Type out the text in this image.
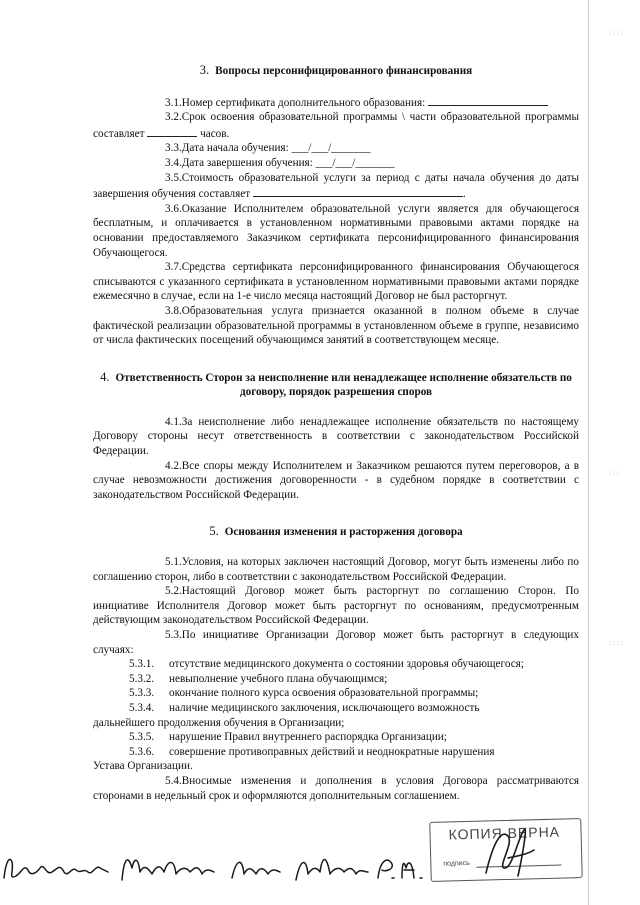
3. Вопросы персонифицированного финансирования

3.1.Номер сертификата дополнительного образования:

3.2.Срок освоения образовательной программы \ части образовательной программы составляет	часов.

3.3.Дата начала обучения: ___/___/_______

3.4.Дата завершения обучения: ___/___/_______

3.5.Стоимость образовательной услуги за период с даты начала обучения до даты завершения обучения составляет	.

3.6.Оказание Исполнителем образовательной услуги является для обучающегося бесплатным, и оплачивается в установленном нормативными правовыми актами порядке на основании предоставляемого Заказчиком сертификата персонифицированного финансирования Обучающегося.

3.7.Средства сертификата персонифицированного финансирования Обучающегося списываются с указанного сертификата в установленном нормативными правовыми актами порядке ежемесячно в случае, если на 1-е число месяца настоящий Договор не был расторгнут.

3.8.Образовательная услуга признается оказанной в полном объеме в случае фактической реализации образовательной программы в установленном объеме в группе, независимо от числа фактических посещений обучающимся занятий в соответствующем месяце.

4. Ответственность Сторон за неисполнение или ненадлежащее исполнение обязательств по договору, порядок разрешения споров

4.1.За неисполнение либо ненадлежащее исполнение обязательств по настоящему Договору стороны несут ответственность в соответствии с законодательством Российской Федерации.

4.2.Все споры между Исполнителем и Заказчиком решаются путем переговоров, а в случае невозможности достижения договоренности - в судебном порядке в соответствии с законодательством Российской Федерации.

5. Основания изменения и расторжения договора

5.1.Условия, на которых заключен настоящий Договор, могут быть изменены либо по соглашению сторон, либо в соответствии с законодательством Российской Федерации.

5.2.Настоящий Договор может быть расторгнут по соглашению Сторон. По инициативе Исполнителя Договор может быть расторгнут по основаниям, предусмотренным действующим законодательством Российской Федерации.

5.3.По инициативе Организации Договор может быть расторгнут в следующих случаях:

5.3.1. отсутствие медицинского документа о состоянии здоровья обучающегося;

5.3.2. невыполнение учебного плана обучающимся;

5.3.3. окончание полного курса освоения образовательной программы;

5.3.4. наличие медицинского заключения, исключающего возможность

дальнейшего продолжения обучения в Организации;

5.3.5. нарушение Правил внутреннего распорядка Организации;

5.3.6. совершение противоправных действий и неоднократные нарушения

Устава Организации.

5.4.Вносимые изменения и дополнения в условия Договора рассматриваются сторонами в недельный срок и оформляются дополнительным соглашением.

КОПИЯ ВЕРНА
подпись
::::
:::
::::
